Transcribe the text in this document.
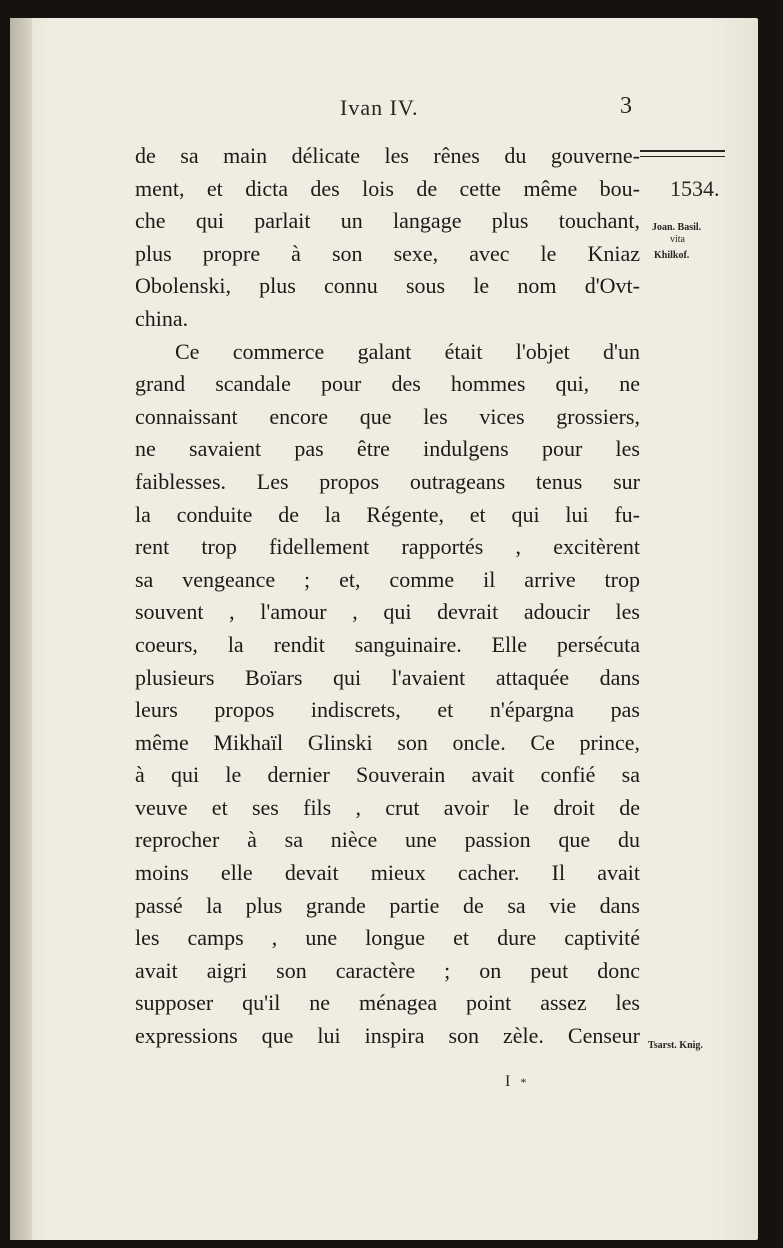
Ivan IV.	3
de sa main délicate les rênes du gouverne-
ment, et dicta des lois de cette même bou-
che qui parlait un langage plus touchant,
plus propre à son sexe, avec le Kniaz
Obolenski, plus connu sous le nom d'Ovt-
china.
Ce commerce galant était l'objet d'un
grand scandale pour des hommes qui, ne
connaissant encore que les vices grossiers,
ne savaient pas être indulgens pour les
faiblesses. Les propos outrageans tenus sur
la conduite de la Régente, et qui lui fu-
rent trop fidellement rapportés , excitèrent
sa vengeance ; et, comme il arrive trop
souvent , l'amour , qui devrait adoucir les
coeurs, la rendit sanguinaire. Elle persécuta
plusieurs Boïars qui l'avaient attaquée dans
leurs propos indiscrets, et n'épargna pas
même Mikhaïl Glinski son oncle. Ce prince,
à qui le dernier Souverain avait confié sa
veuve et ses fils , crut avoir le droit de
reprocher à sa nièce une passion que du
moins elle devait mieux cacher. Il avait
passé la plus grande partie de sa vie dans
les camps , une longue et dure captivité
avait aigri son caractère ; on peut donc
supposer qu'il ne ménagea point assez les
expressions que lui inspira son zèle. Censeur
1534.
Joan. Basil.
vita
Khilkof.
Tsarst. Knig.
I *
